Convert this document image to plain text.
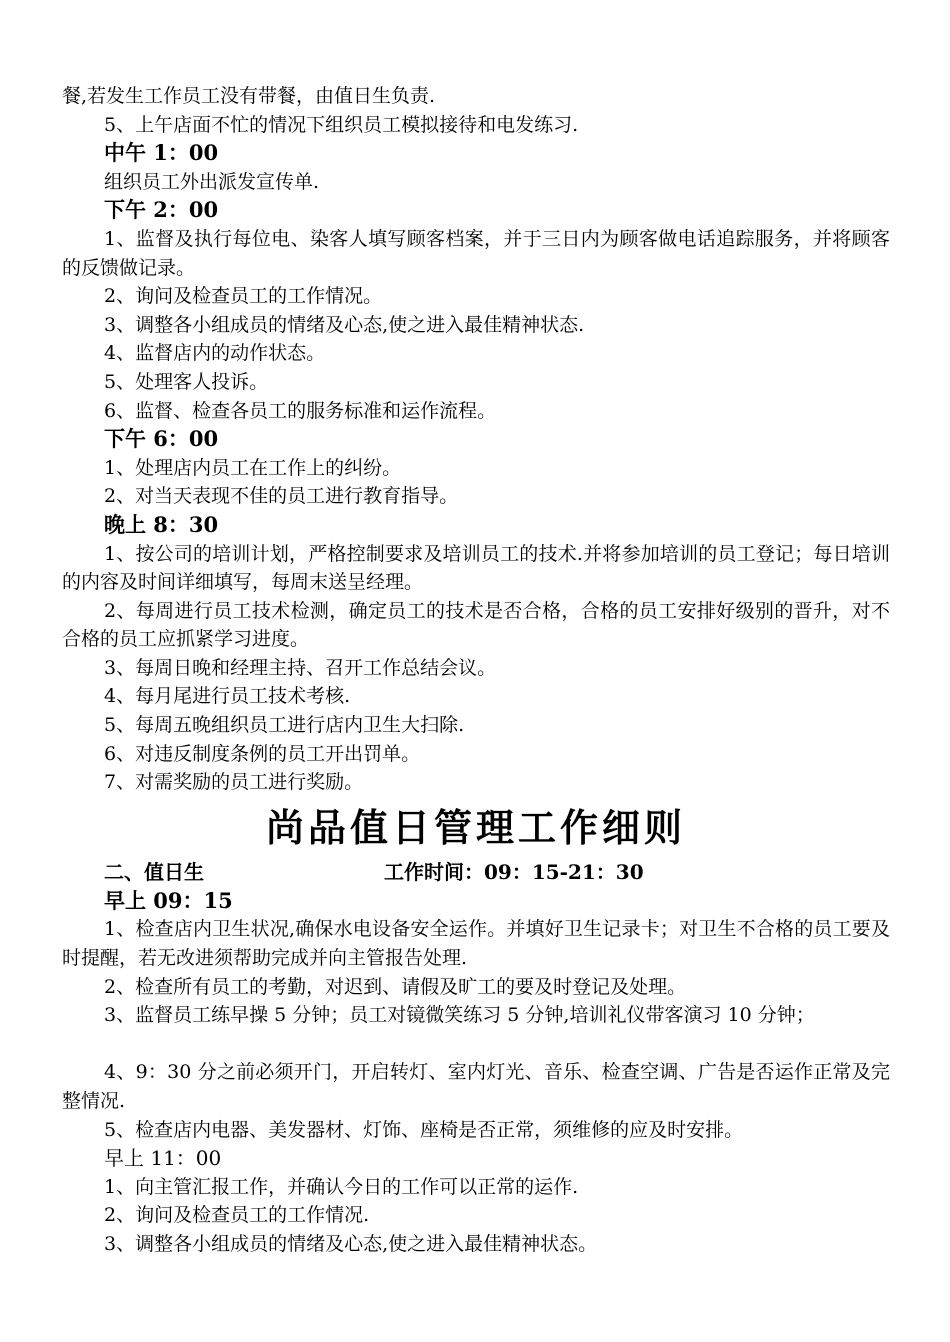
餐,若发生工作员工没有带餐，由值日生负责.

5、上午店面不忙的情况下组织员工模拟接待和电发练习.

中午 1：00

组织员工外出派发宣传单.

下午 2：00

1、监督及执行每位电、染客人填写顾客档案，并于三日内为顾客做电话追踪服务，并将顾客的反馈做记录。

2、询问及检查员工的工作情况。

3、调整各小组成员的情绪及心态,使之进入最佳精神状态.

4、监督店内的动作状态。

5、处理客人投诉。

6、监督、检查各员工的服务标准和运作流程。

下午 6：00

1、处理店内员工在工作上的纠纷。

2、对当天表现不佳的员工进行教育指导。

晚上 8：30

1、按公司的培训计划，严格控制要求及培训员工的技术.并将参加培训的员工登记；每日培训的内容及时间详细填写，每周末送呈经理。

2、每周进行员工技术检测，确定员工的技术是否合格，合格的员工安排好级别的晋升，对不合格的员工应抓紧学习进度。

3、每周日晚和经理主持、召开工作总结会议。

4、每月尾进行员工技术考核.

5、每周五晚组织员工进行店内卫生大扫除.

6、对违反制度条例的员工开出罚单。

7、对需奖励的员工进行奖励。

尚品值日管理工作细则
二、值日生	工作时间：09：15-21：30

早上 09：15

1、检查店内卫生状况,确保水电设备安全运作。并填好卫生记录卡；对卫生不合格的员工要及时提醒，若无改进须帮助完成并向主管报告处理.

2、检查所有员工的考勤，对迟到、请假及旷工的要及时登记及处理。

3、监督员工练早操 5 分钟；员工对镜微笑练习 5 分钟,培训礼仪带客演习 10 分钟；

4、9：30 分之前必须开门，开启转灯、室内灯光、音乐、检查空调、广告是否运作正常及完整情况.

5、检查店内电器、美发器材、灯饰、座椅是否正常，须维修的应及时安排。

早上 11：00

1、向主管汇报工作，并确认今日的工作可以正常的运作.

2、询问及检查员工的工作情况.

3、调整各小组成员的情绪及心态,使之进入最佳精神状态。
